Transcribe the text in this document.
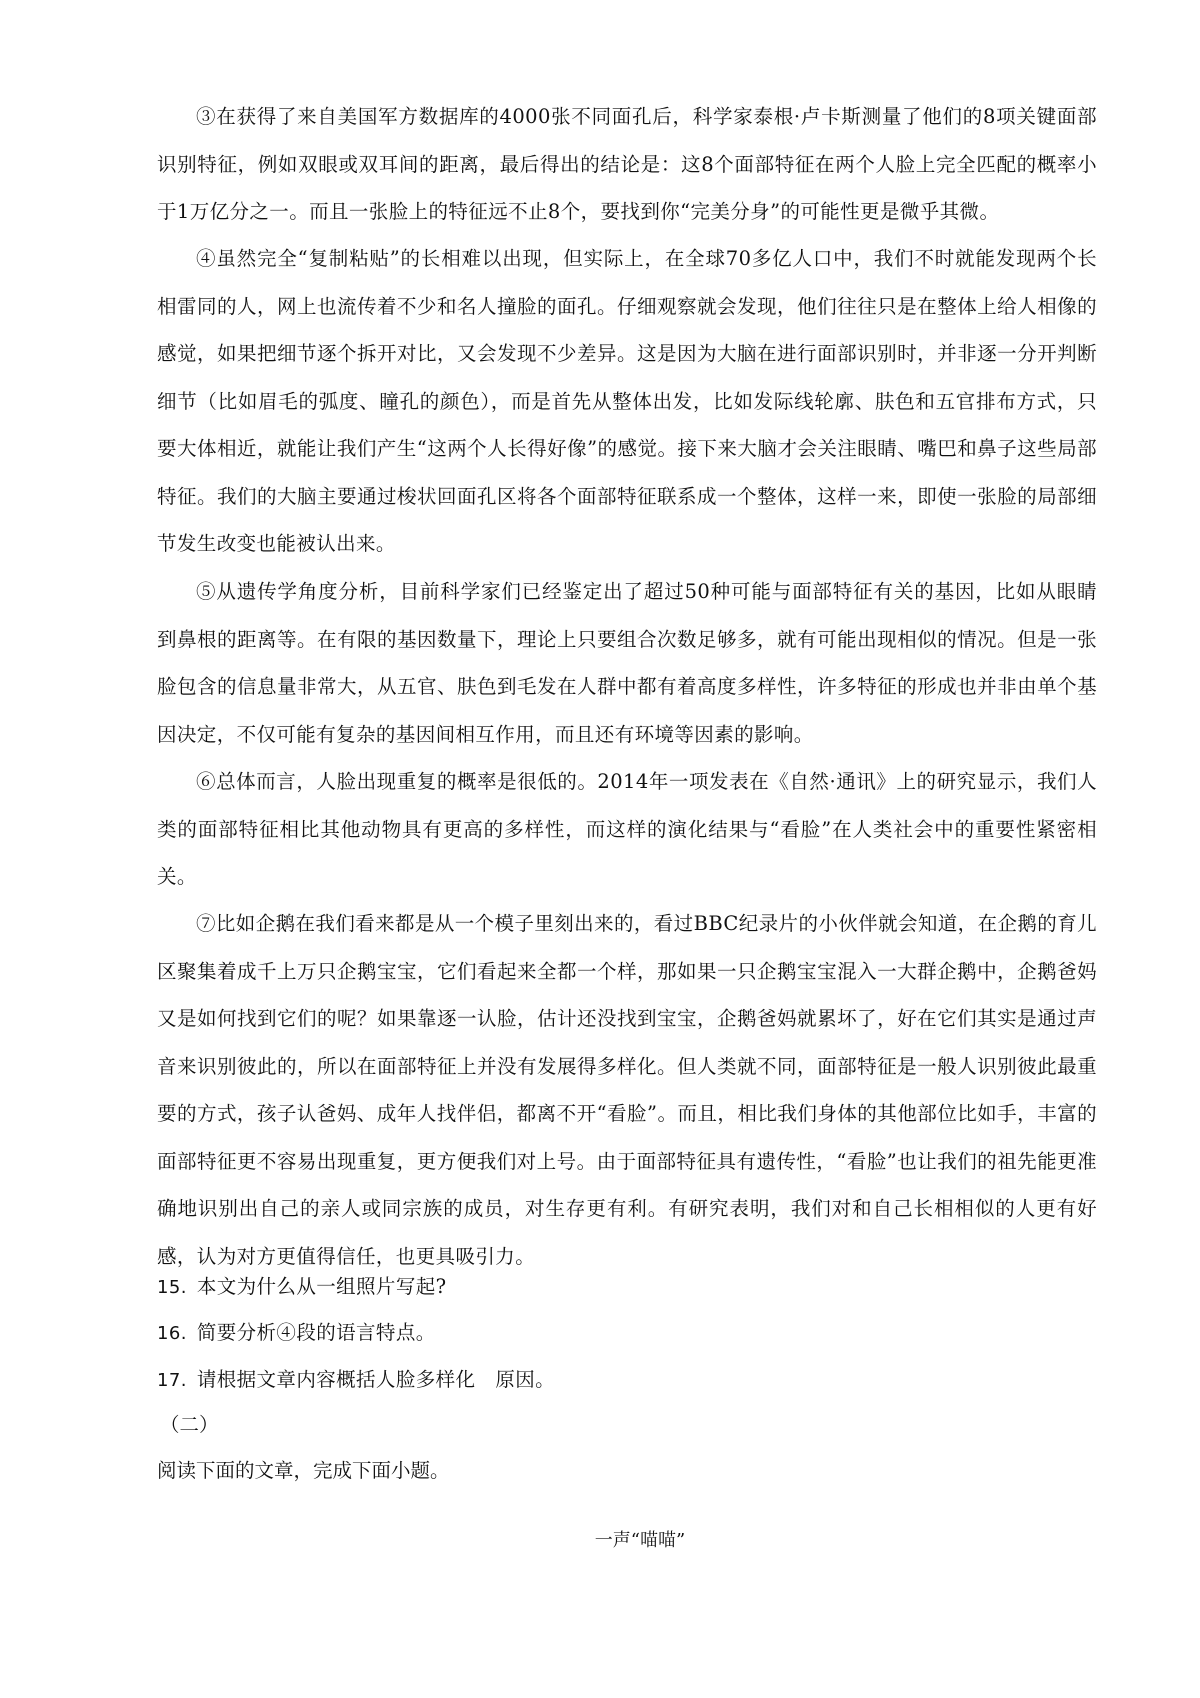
③在获得了来自美国军方数据库的4000张不同面孔后，科学家泰根·卢卡斯测量了他们的8项关键面部识别特征，例如双眼或双耳间的距离，最后得出的结论是：这8个面部特征在两个人脸上完全匹配的概率小于1万亿分之一。而且一张脸上的特征远不止8个，要找到你“完美分身”的可能性更是微乎其微。

④虽然完全“复制粘贴”的长相难以出现，但实际上，在全球70多亿人口中，我们不时就能发现两个长相雷同的人，网上也流传着不少和名人撞脸的面孔。仔细观察就会发现，他们往往只是在整体上给人相像的感觉，如果把细节逐个拆开对比，又会发现不少差异。这是因为大脑在进行面部识别时，并非逐一分开判断细节（比如眉毛的弧度、瞳孔的颜色），而是首先从整体出发，比如发际线轮廓、肤色和五官排布方式，只要大体相近，就能让我们产生“这两个人长得好像”的感觉。接下来大脑才会关注眼睛、嘴巴和鼻子这些局部特征。我们的大脑主要通过梭状回面孔区将各个面部特征联系成一个整体，这样一来，即使一张脸的局部细节发生改变也能被认出来。

⑤从遗传学角度分析，目前科学家们已经鉴定出了超过50种可能与面部特征有关的基因，比如从眼睛到鼻根的距离等。在有限的基因数量下，理论上只要组合次数足够多，就有可能出现相似的情况。但是一张脸包含的信息量非常大，从五官、肤色到毛发在人群中都有着高度多样性，许多特征的形成也并非由单个基因决定，不仅可能有复杂的基因间相互作用，而且还有环境等因素的影响。

⑥总体而言，人脸出现重复的概率是很低的。2014年一项发表在《自然·通讯》上的研究显示，我们人类的面部特征相比其他动物具有更高的多样性，而这样的演化结果与“看脸”在人类社会中的重要性紧密相关。

⑦比如企鹅在我们看来都是从一个模子里刻出来的，看过BBC纪录片的小伙伴就会知道，在企鹅的育儿区聚集着成千上万只企鹅宝宝，它们看起来全都一个样，那如果一只企鹅宝宝混入一大群企鹅中，企鹅爸妈又是如何找到它们的呢？如果靠逐一认脸，估计还没找到宝宝，企鹅爸妈就累坏了，好在它们其实是通过声音来识别彼此的，所以在面部特征上并没有发展得多样化。但人类就不同，面部特征是一般人识别彼此最重要的方式，孩子认爸妈、成年人找伴侣，都离不开“看脸”。而且，相比我们身体的其他部位比如手，丰富的面部特征更不容易出现重复，更方便我们对上号。由于面部特征具有遗传性，“看脸”也让我们的祖先能更准确地识别出自己的亲人或同宗族的成员，对生存更有利。有研究表明，我们对和自己长相相似的人更有好感，认为对方更值得信任，也更具吸引力。

15. 本文为什么从一组照片写起?

16. 简要分析④段的语言特点。

17. 请根据文章内容概括人脸多样化　原因。

（二）

阅读下面的文章，完成下面小题。

一声“喵喵”
